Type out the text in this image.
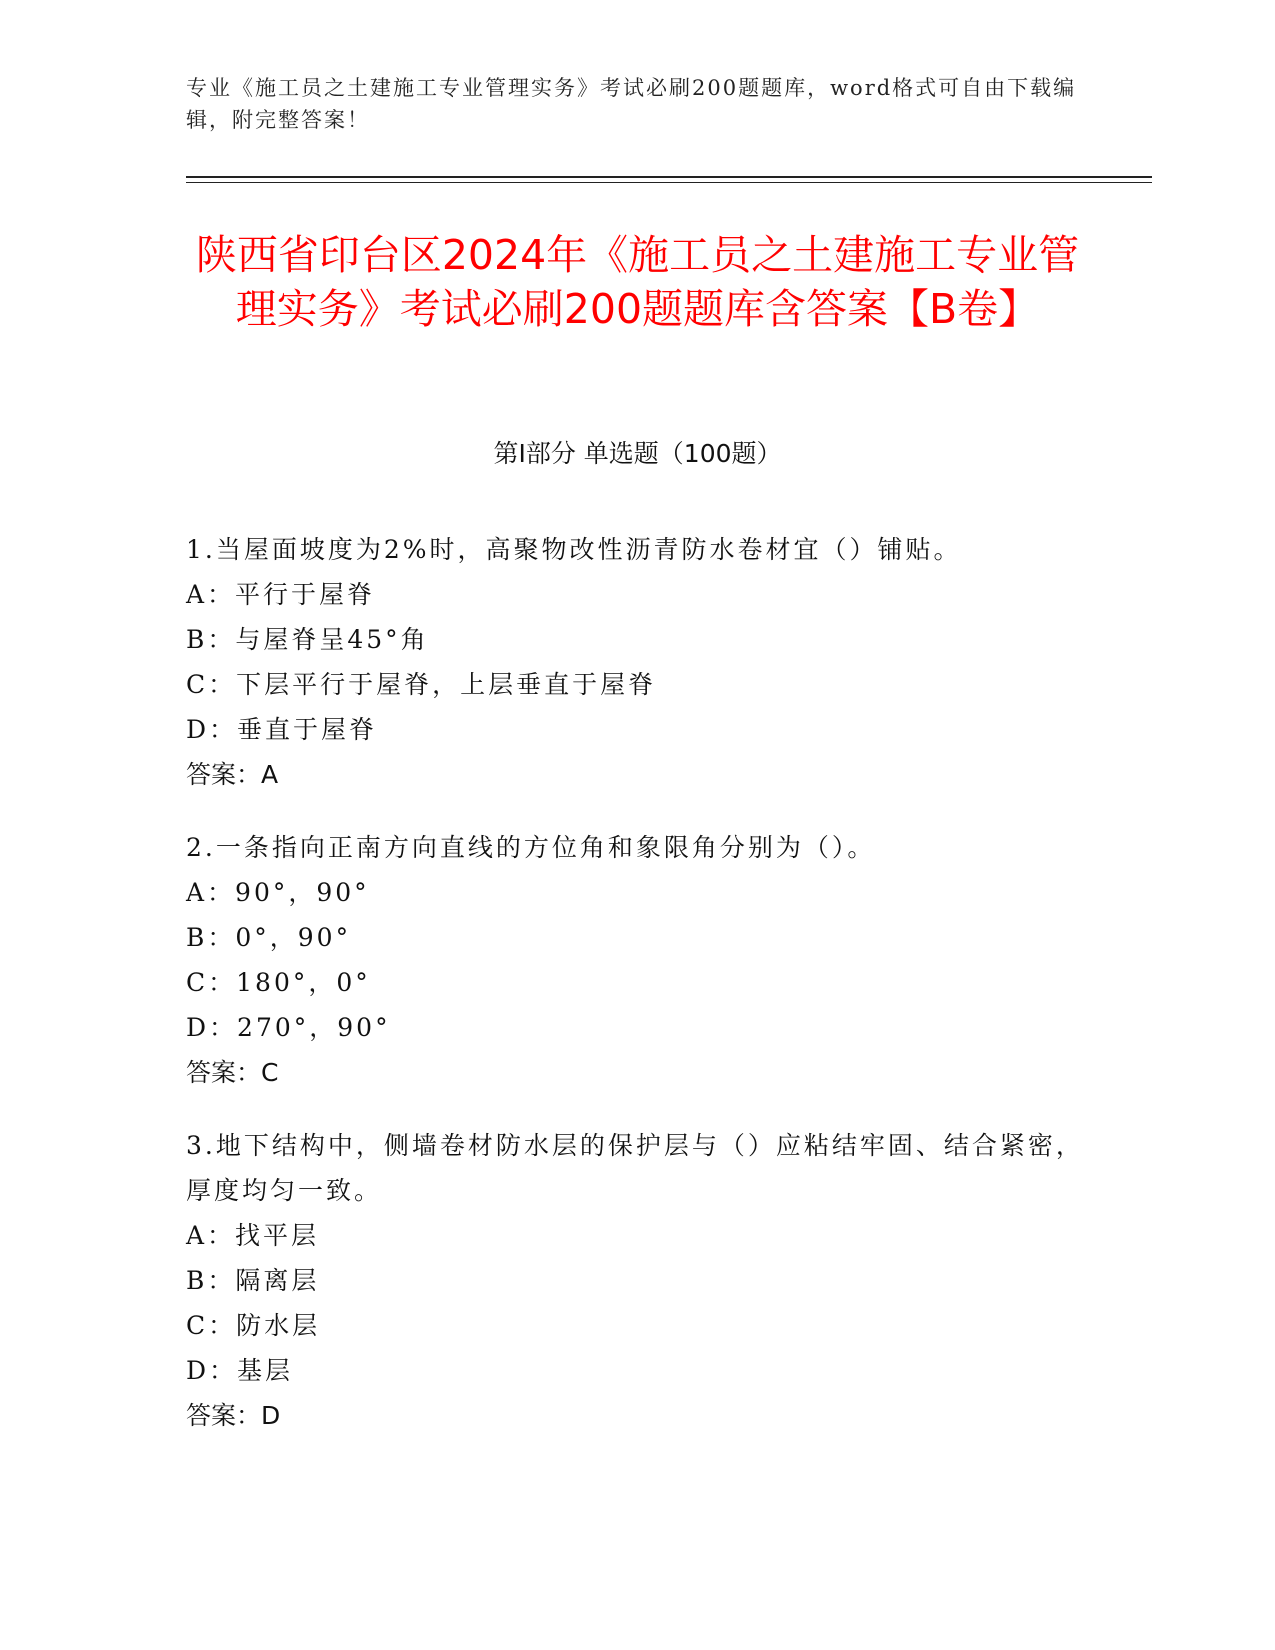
专业《施工员之土建施工专业管理实务》考试必刷200题题库，word格式可自由下载编辑，附完整答案！
陕西省印台区2024年《施工员之土建施工专业管理实务》考试必刷200题题库含答案【B卷】
第I部分 单选题（100题）

1.当屋面坡度为2%时，高聚物改性沥青防水卷材宜（）铺贴。

A：平行于屋脊

B：与屋脊呈45°角

C：下层平行于屋脊，上层垂直于屋脊

D：垂直于屋脊

答案：A

2.一条指向正南方向直线的方位角和象限角分别为（）。

A：90°，90°

B：0°，90°

C：180°，0°

D：270°，90°

答案：C

3.地下结构中，侧墙卷材防水层的保护层与（）应粘结牢固、结合紧密，厚度均匀一致。

A：找平层

B：隔离层

C：防水层

D：基层

答案：D
